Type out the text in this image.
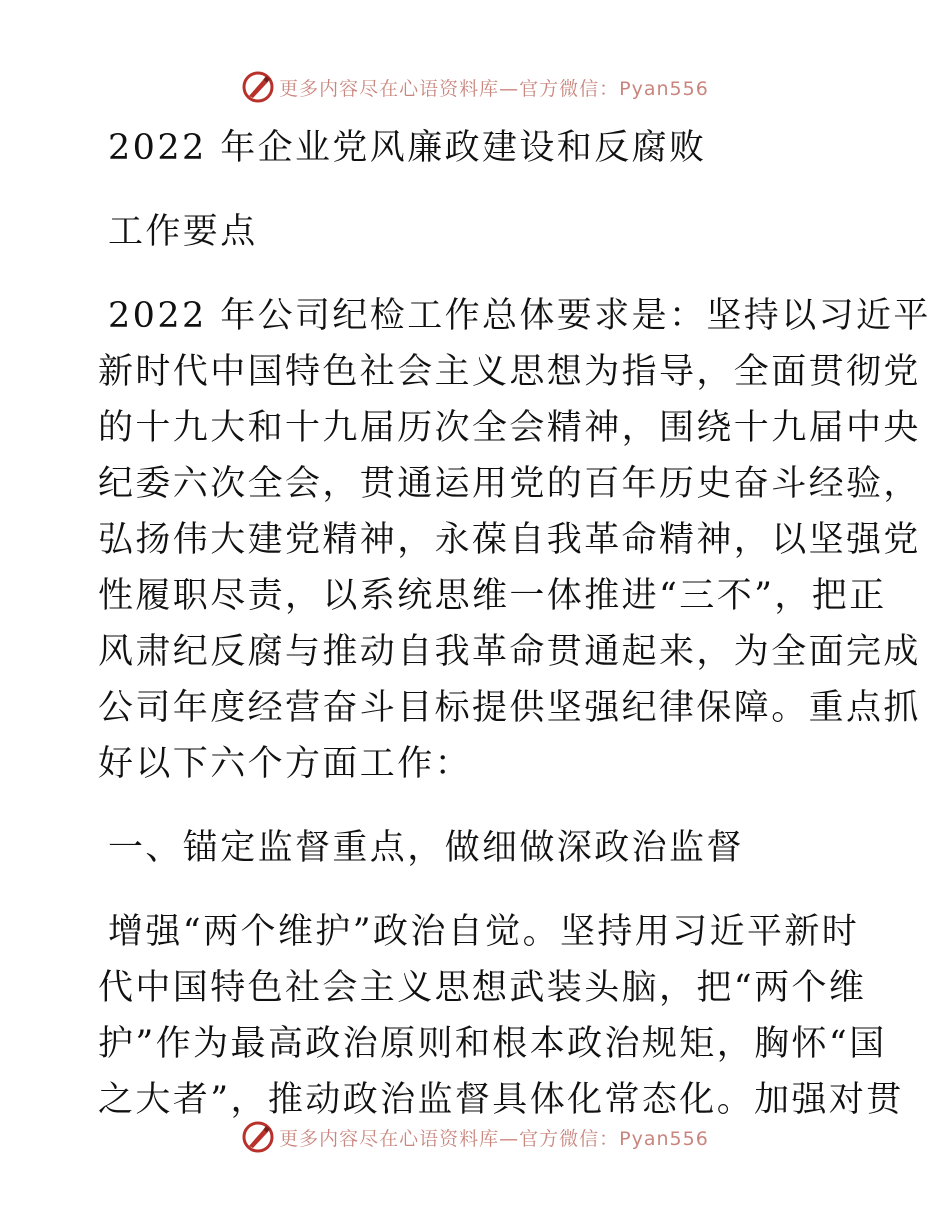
更多内容尽在心语资料库—官方微信：Pyan556
2022 年企业党风廉政建设和反腐败
工作要点
2022 年公司纪检工作总体要求是：坚持以习近平
新时代中国特色社会主义思想为指导，全面贯彻党
的十九大和十九届历次全会精神，围绕十九届中央
纪委六次全会，贯通运用党的百年历史奋斗经验，
弘扬伟大建党精神，永葆自我革命精神，以坚强党
性履职尽责，以系统思维一体推进“三不”，把正
风肃纪反腐与推动自我革命贯通起来，为全面完成
公司年度经营奋斗目标提供坚强纪律保障。重点抓
好以下六个方面工作：
一、锚定监督重点，做细做深政治监督
增强“两个维护”政治自觉。坚持用习近平新时
代中国特色社会主义思想武装头脑，把“两个维
护”作为最高政治原则和根本政治规矩，胸怀“国
之大者”，推动政治监督具体化常态化。加强对贯
更多内容尽在心语资料库—官方微信：Pyan556
